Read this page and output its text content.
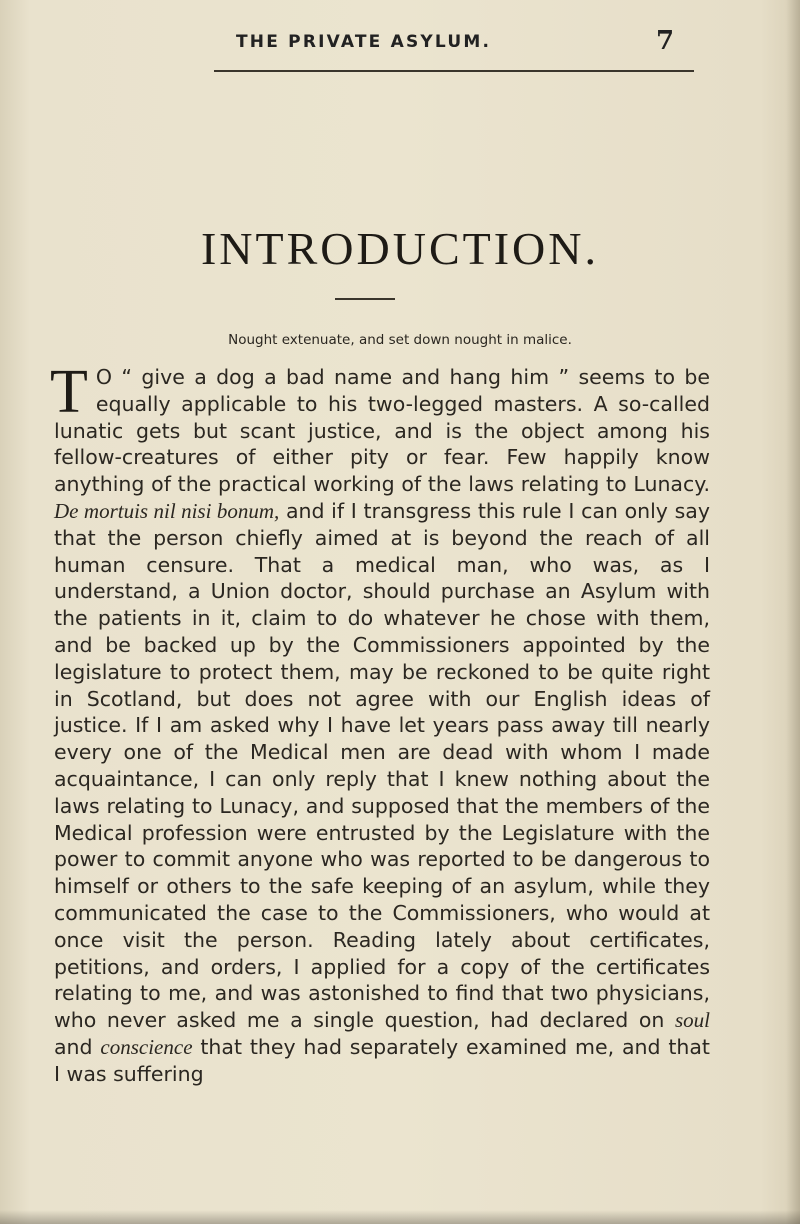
THE PRIVATE ASYLUM.	7
INTRODUCTION.
Nought extenuate, and set down nought in malice.

T O “ give a dog a bad name and hang him ” seems to be equally applicable to his two-legged masters. A so-called lunatic gets but scant justice, and is the object among his fellow-creatures of either pity or fear. Few happily know anything of the practical working of the laws relating to Lunacy. De mortuis nil nisi bonum, and if I transgress this rule I can only say that the person chiefly aimed at is beyond the reach of all human censure. That a medical man, who was, as I understand, a Union doctor, should purchase an Asylum with the patients in it, claim to do whatever he chose with them, and be backed up by the Commissioners appointed by the legislature to protect them, may be reckoned to be quite right in Scotland, but does not agree with our English ideas of justice. If I am asked why I have let years pass away till nearly every one of the Medical men are dead with whom I made acquaintance, I can only reply that I knew nothing about the laws relating to Lunacy, and supposed that the members of the Medical profession were entrusted by the Legislature with the power to commit anyone who was reported to be dangerous to himself or others to the safe keeping of an asylum, while they communicated the case to the Commissioners, who would at once visit the person. Reading lately about certificates, petitions, and orders, I applied for a copy of the certificates relating to me, and was astonished to find that two physicians, who never asked me a single question, had declared on soul and conscience that they had separately examined me, and that I was suffering
